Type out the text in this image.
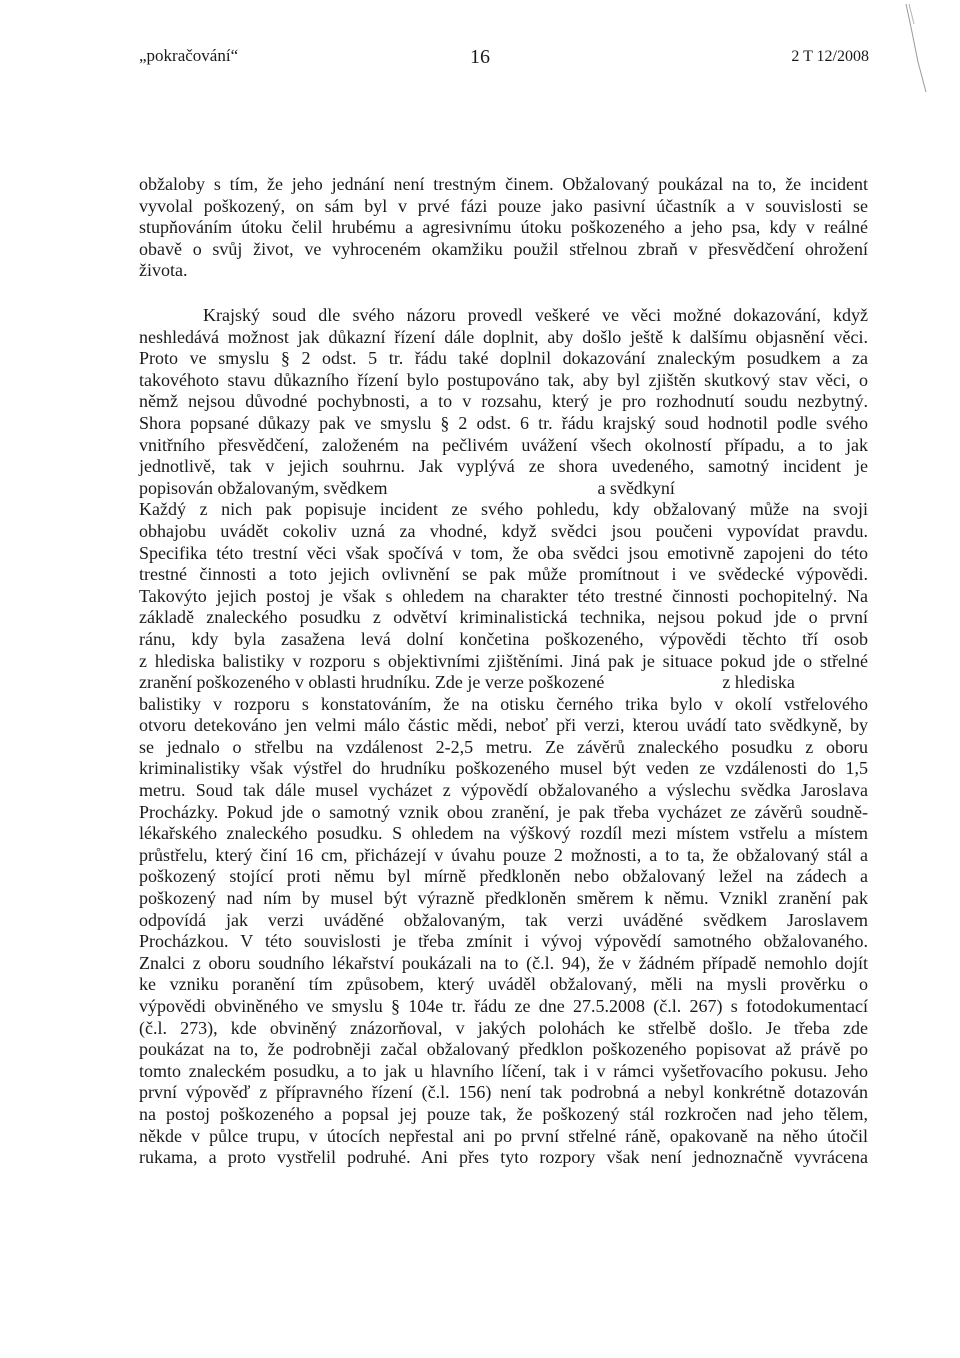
„pokračování“	16	2 T 12/2008
obžaloby s tím, že jeho jednání není trestným činem. Obžalovaný poukázal na to, že incident
vyvolal poškozený, on sám byl v prvé fázi pouze jako pasivní účastník a v souvislosti se
stupňováním útoku čelil hrubému a agresivnímu útoku poškozeného a jeho psa, kdy v reálné
obavě o svůj život, ve vyhroceném okamžiku použil střelnou zbraň v přesvědčení ohrožení
života.
Krajský soud dle svého názoru provedl veškeré ve věci možné dokazování, když
neshledává možnost jak důkazní řízení dále doplnit, aby došlo ještě k dalšímu objasnění věci.
Proto ve smyslu § 2 odst. 5 tr. řádu také doplnil dokazování znaleckým posudkem a za
takovéhoto stavu důkazního řízení bylo postupováno tak, aby byl zjištěn skutkový stav věci, o
němž nejsou důvodné pochybnosti, a to v rozsahu, který je pro rozhodnutí soudu nezbytný.
Shora popsané důkazy pak ve smyslu § 2 odst. 6 tr. řádu krajský soud hodnotil podle svého
vnitřního přesvědčení, založeném na pečlivém uvážení všech okolností případu, a to jak
jednotlivě, tak v jejich souhrnu. Jak vyplývá ze shora uvedeného, samotný incident je
popisován obžalovaným, svědkem	a svědkyní
Každý z nich pak popisuje incident ze svého pohledu, kdy obžalovaný může na svoji
obhajobu uvádět cokoliv uzná za vhodné, když svědci jsou poučeni vypovídat pravdu.
Specifika této trestní věci však spočívá v tom, že oba svědci jsou emotivně zapojeni do této
trestné činnosti a toto jejich ovlivnění se pak může promítnout i ve svědecké výpovědi.
Takovýto jejich postoj je však s ohledem na charakter této trestné činnosti pochopitelný. Na
základě znaleckého posudku z odvětví kriminalistická technika, nejsou pokud jde o první
ránu, kdy byla zasažena levá dolní končetina poškozeného, výpovědi těchto tří osob
z hlediska balistiky v rozporu s objektivními zjištěními. Jiná pak je situace pokud jde o střelné
zranění poškozeného v oblasti hrudníku. Zde je verze poškozené	z hlediska
balistiky v rozporu s konstatováním, že na otisku černého trika bylo v okolí vstřelového
otvoru detekováno jen velmi málo částic mědi, neboť při verzi, kterou uvádí tato svědkyně, by
se jednalo o střelbu na vzdálenost 2-2,5 metru. Ze závěrů znaleckého posudku z oboru
kriminalistiky však výstřel do hrudníku poškozeného musel být veden ze vzdálenosti do 1,5
metru. Soud tak dále musel vycházet z výpovědí obžalovaného a výslechu svědka Jaroslava
Procházky. Pokud jde o samotný vznik obou zranění, je pak třeba vycházet ze závěrů soudně-
lékařského znaleckého posudku. S ohledem na výškový rozdíl mezi místem vstřelu a místem
průstřelu, který činí 16 cm, přicházejí v úvahu pouze 2 možnosti, a to ta, že obžalovaný stál a
poškozený stojící proti němu byl mírně předkloněn nebo obžalovaný ležel na zádech a
poškozený nad ním by musel být výrazně předkloněn směrem k němu. Vznikl zranění pak
odpovídá jak verzi uváděné obžalovaným, tak verzi uváděné svědkem Jaroslavem
Procházkou. V této souvislosti je třeba zmínit i vývoj výpovědí samotného obžalovaného.
Znalci z oboru soudního lékařství poukázali na to (č.l. 94), že v žádném případě nemohlo dojít
ke vzniku poranění tím způsobem, který uváděl obžalovaný, měli na mysli prověrku o
výpovědi obviněného ve smyslu § 104e tr. řádu ze dne 27.5.2008 (č.l. 267) s fotodokumentací
(č.l. 273), kde obviněný znázorňoval, v jakých polohách ke střelbě došlo. Je třeba zde
poukázat na to, že podrobněji začal obžalovaný předklon poškozeného popisovat až právě po
tomto znaleckém posudku, a to jak u hlavního líčení, tak i v rámci vyšetřovacího pokusu. Jeho
první výpověď z přípravného řízení (č.l. 156) není tak podrobná a nebyl konkrétně dotazován
na postoj poškozeného a popsal jej pouze tak, že poškozený stál rozkročen nad jeho tělem,
někde v půlce trupu, v útocích nepřestal ani po první střelné ráně, opakovaně na něho útočil
rukama, a proto vystřelil podruhé. Ani přes tyto rozpory však není jednoznačně vyvrácena
